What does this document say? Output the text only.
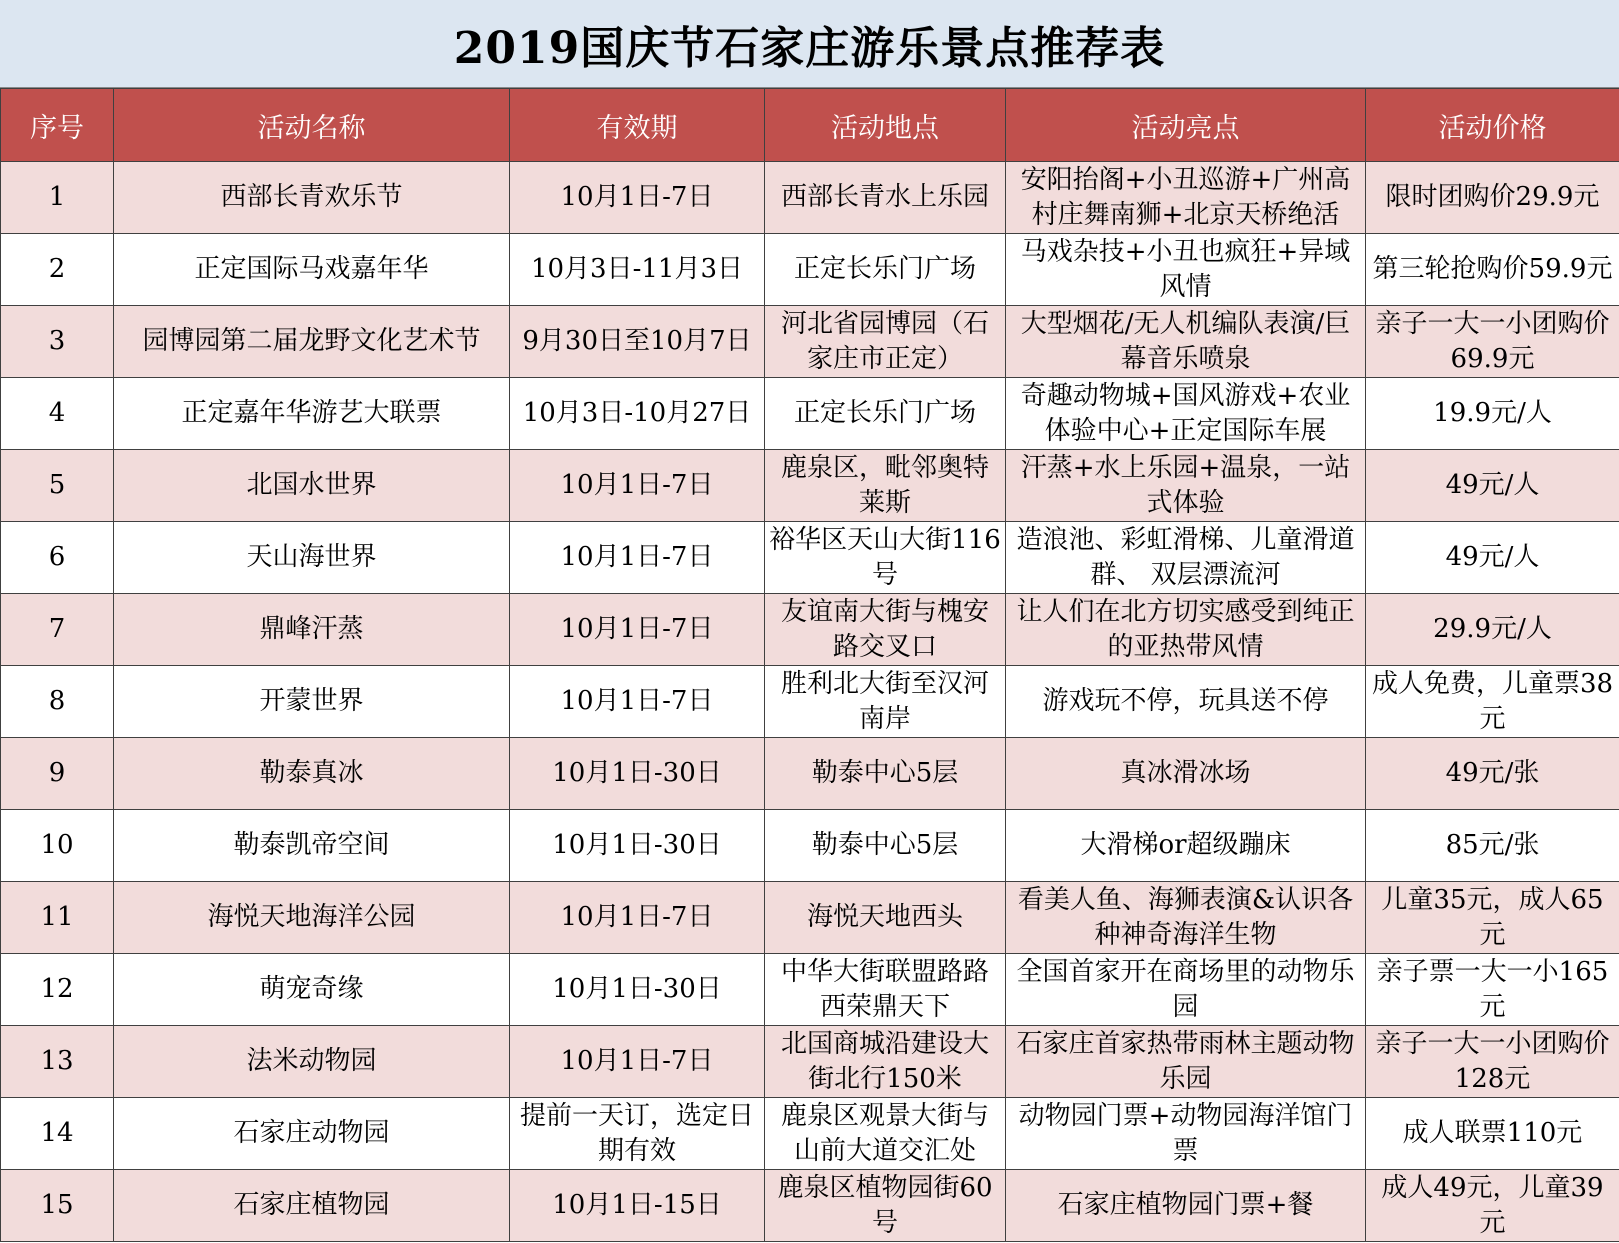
2019国庆节石家庄游乐景点推荐表
序号	活动名称	有效期	活动地点	活动亮点	活动价格
1	西部长青欢乐节	10月1日-7日	西部长青水上乐园	安阳抬阁+小丑巡游+广州高村庄舞南狮+北京天桥绝活	限时团购价29.9元
2	正定国际马戏嘉年华	10月3日-11月3日	正定长乐门广场	马戏杂技+小丑也疯狂+异域风情	第三轮抢购价59.9元
3	园博园第二届龙野文化艺术节	9月30日至10月7日	河北省园博园（石家庄市正定）	大型烟花/无人机编队表演/巨幕音乐喷泉	亲子一大一小团购价69.9元
4	正定嘉年华游艺大联票	10月3日-10月27日	正定长乐门广场	奇趣动物城+国风游戏+农业体验中心+正定国际车展	19.9元/人
5	北国水世界	10月1日-7日	鹿泉区，毗邻奥特莱斯	汗蒸+水上乐园+温泉，一站式体验	49元/人
6	天山海世界	10月1日-7日	裕华区天山大街116号	造浪池、彩虹滑梯、儿童滑道群、 双层漂流河	49元/人
7	鼎峰汗蒸	10月1日-7日	友谊南大街与槐安路交叉口	让人们在北方切实感受到纯正的亚热带风情	29.9元/人
8	开蒙世界	10月1日-7日	胜利北大街至汉河南岸	游戏玩不停，玩具送不停	成人免费，儿童票38元
9	勒泰真冰	10月1日-30日	勒泰中心5层	真冰滑冰场	49元/张
10	勒泰凯帝空间	10月1日-30日	勒泰中心5层	大滑梯or超级蹦床	85元/张
11	海悦天地海洋公园	10月1日-7日	海悦天地西头	看美人鱼、海狮表演&认识各种神奇海洋生物	儿童35元，成人65元
12	萌宠奇缘	10月1日-30日	中华大街联盟路路西荣鼎天下	全国首家开在商场里的动物乐园	亲子票一大一小165元
13	法米动物园	10月1日-7日	北国商城沿建设大街北行150米	石家庄首家热带雨林主题动物乐园	亲子一大一小团购价128元
14	石家庄动物园	提前一天订，选定日期有效	鹿泉区观景大街与山前大道交汇处	动物园门票+动物园海洋馆门票	成人联票110元
15	石家庄植物园	10月1日-15日	鹿泉区植物园街60号	石家庄植物园门票+餐	成人49元，儿童39元
